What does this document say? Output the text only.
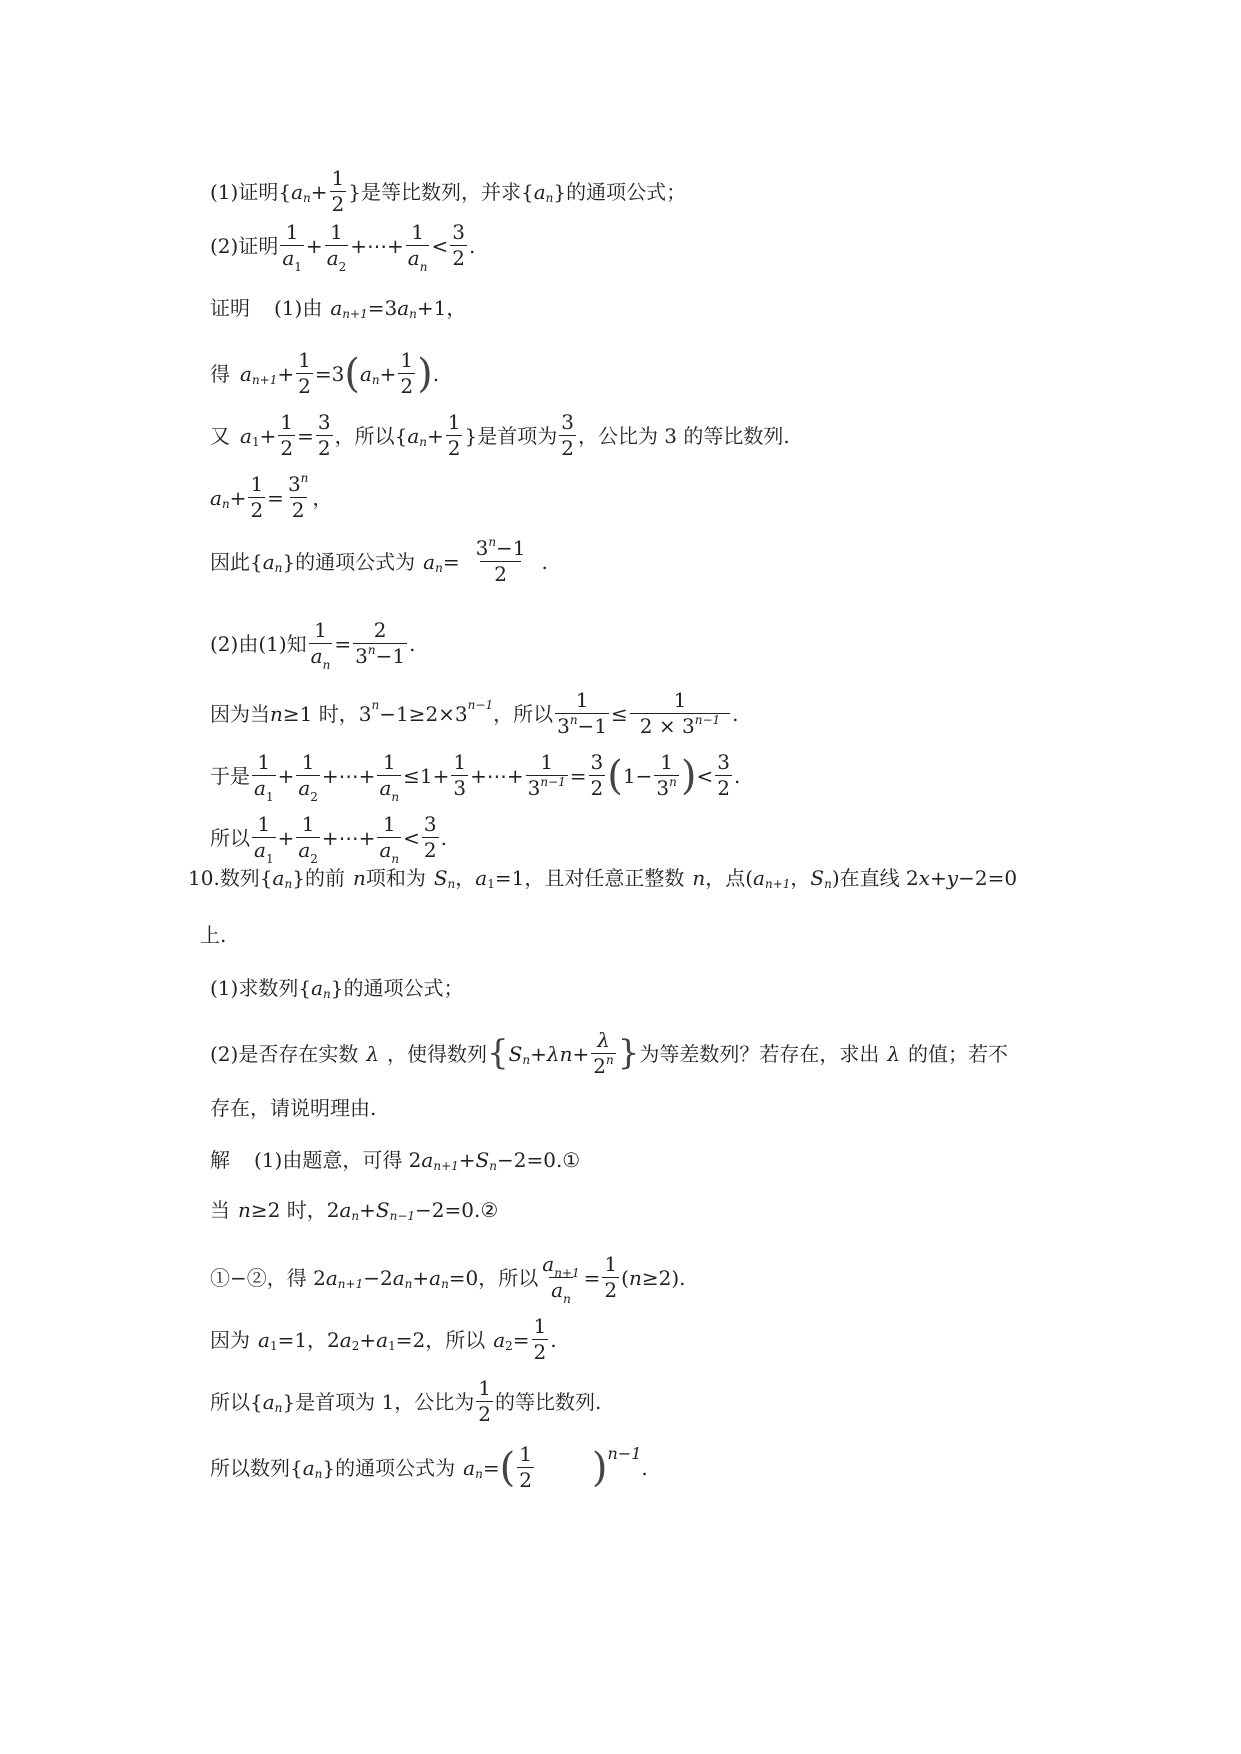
(1)证明{ a $n + \frac{1}{2}$ }是等比数列，并求{ a n }的通项公式；
(2)证明 $\frac{1}{a_1} + \frac{1}{a_2}$ +⋯+ $\frac{1}{a_n} < \frac{3}{2}$ .
证明 (1)由 a n+1 =3 a n +1，
得 a $n+1 + \frac{1}{2} =3$ ( a $n + \frac{1}{2}$ ) .
又 a $1 + \frac{1}{2} = \frac{3}{2}$ ，所以{ a $n + \frac{1}{2}$ }是首项为 $\frac{3}{2}$ ，公比为 3 的等比数列.
a $n + \frac{1}{2} = \frac{3^n}{2}$ ，
因此{ a n }的通项公式为 a $n = \frac{3^n-1}{2}$ .
(2)由(1)知 $\frac{1}{a_n} = \frac{2}{3^n-1}$ .
因为当 n ≥1 时， 3 n −1≥2×3 n−1 ，所以 $\frac{1}{3^n-1} \le \frac{1}{2 \times 3^{n-1}}$ .
于是 $\frac{1}{a_1} + \frac{1}{a_2}$ +⋯+ $\frac{1}{a_n} \le 1+ \frac{1}{3}$ +⋯+ $\frac{1}{3^{n-1}} = \frac{3}{2}$ ( $1- \frac{1}{3^n}$ ) < $\frac{3}{2}$ .
所以 $\frac{1}{a_1} + \frac{1}{a_2}$ +⋯+ $\frac{1}{a_n} < \frac{3}{2}$ .
10. 数列{ a n }的前 n 项和为 S n ， a 1 =1， 且对任意正整数 n ，点( a n+1 ， S n )在直线 2 x + y −2=0
上.
(1)求数列{ a n }的通项公式；
(2)是否存在实数 λ ，使得数列 { S n + λ $n + \frac{\lambda}{2^n}$ } 为等差数列？若存在，求出 λ 的值；若不
存在，请说明理由.
解 (1)由题意，可得 2 a n+1 + S n −2=0.①
当 n ≥2 时，2 a n + S n−1 −2=0.②
①−②，得 2 a n+1 −2 a n + a n =0，所以 $\frac{a_{n+1}}{a_n} = \frac{1}{2}$ ( n ≥2).
因为 a 1 =1，2 a 2 + a 1 =2，所以 a $2 = \frac{1}{2}$ .
所以{ a n }是首项为 1，公比为 $\frac{1}{2}$ 的等比数列.
所以数列{ a n }的通项公式为 a n = ( $\frac{1}{2}$ ) n−1
.
